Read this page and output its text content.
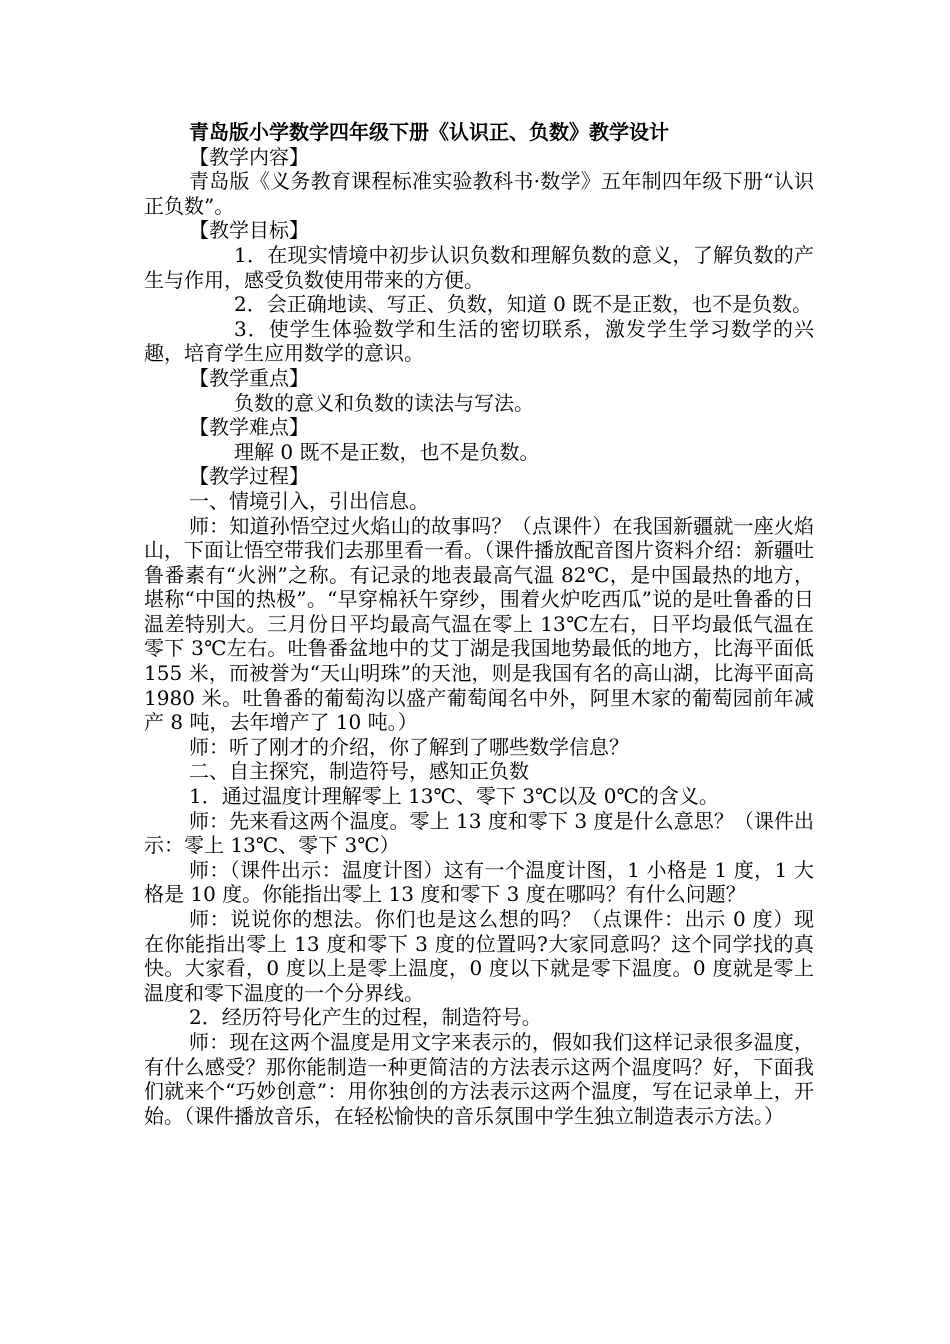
青岛版小学数学四年级下册《认识正、负数》教学设计

【教学内容】

青岛版《义务教育课程标准实验教科书·数学》五年制四年级下册“认识正负数”。

【教学目标】

1．在现实情境中初步认识负数和理解负数的意义，了解负数的产生与作用，感受负数使用带来的方便。

2．会正确地读、写正、负数，知道 0 既不是正数，也不是负数。

3．使学生体验数学和生活的密切联系，激发学生学习数学的兴趣，培育学生应用数学的意识。

【教学重点】

负数的意义和负数的读法与写法。

【教学难点】

理解 0 既不是正数，也不是负数。

【教学过程】

一、情境引入，引出信息。

师：知道孙悟空过火焰山的故事吗？（点课件）在我国新疆就一座火焰山，下面让悟空带我们去那里看一看。（课件播放配音图片资料介绍：新疆吐鲁番素有“火洲”之称。有记录的地表最高气温 82℃，是中国最热的地方，堪称“中国的热极”。“早穿棉袄午穿纱，围着火炉吃西瓜”说的是吐鲁番的日温差特别大。三月份日平均最高气温在零上 13℃左右，日平均最低气温在零下 3℃左右。吐鲁番盆地中的艾丁湖是我国地势最低的地方，比海平面低 155 米，而被誉为“天山明珠”的天池，则是我国有名的高山湖，比海平面高 1980 米。吐鲁番的葡萄沟以盛产葡萄闻名中外，阿里木家的葡萄园前年减产 8 吨，去年增产了 10 吨。）

师：听了刚才的介绍，你了解到了哪些数学信息？

二、自主探究，制造符号，感知正负数

1．通过温度计理解零上 13℃、零下 3℃以及 0℃的含义。

师：先来看这两个温度。零上 13 度和零下 3 度是什么意思？（课件出示：零上 13℃、零下 3℃）

师：（课件出示：温度计图）这有一个温度计图，1 小格是 1 度，1 大格是 10 度。你能指出零上 13 度和零下 3 度在哪吗？有什么问题？

师：说说你的想法。你们也是这么想的吗？（点课件：出示 0 度）现在你能指出零上 13 度和零下 3 度的位置吗?大家同意吗？这个同学找的真快。大家看，0 度以上是零上温度，0 度以下就是零下温度。0 度就是零上温度和零下温度的一个分界线。

2．经历符号化产生的过程，制造符号。

师：现在这两个温度是用文字来表示的，假如我们这样记录很多温度，有什么感受？那你能制造一种更简洁的方法表示这两个温度吗？好，下面我们就来个“巧妙创意”：用你独创的方法表示这两个温度，写在记录单上，开始。（课件播放音乐，在轻松愉快的音乐氛围中学生独立制造表示方法。）
